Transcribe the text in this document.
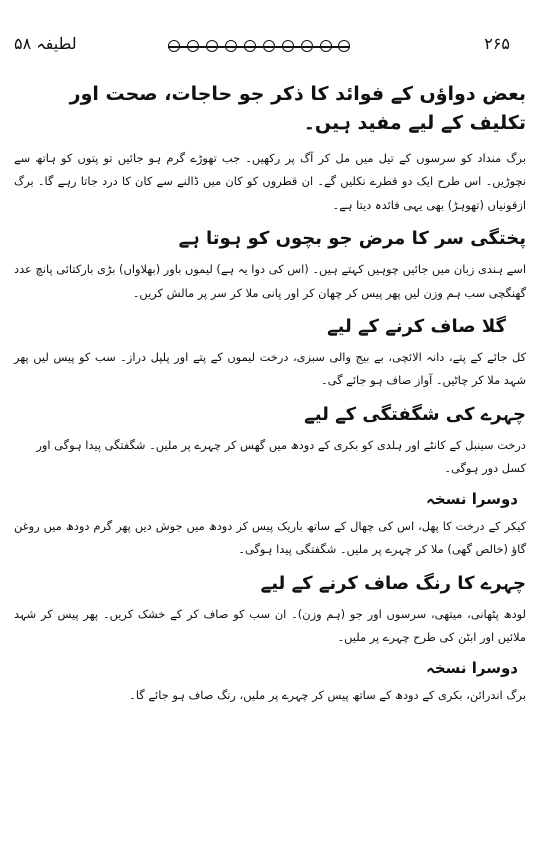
لطیفہ ۵۸	۲۶۵
بعض دواؤں کے فوائد کا ذکر جو حاجات، صحت اور تکلیف کے لیے مفید ہیں۔
برگ منداد کو سرسوں کے تیل میں مل کر آگ پر رکھیں۔ جب تھوڑے گرم ہو جائیں تو پتوں کو ہاتھ سے نچوڑیں۔ اس طرح ایک دو قطرے نکلیں گے۔ ان قطروں کو کان میں ڈالنے سے کان کا درد جاتا رہے گا۔ برگ ازقونیاں (تھوہڑ) بھی یہی فائدہ دیتا ہے۔
پختگی سر کا مرض جو بچوں کو ہوتا ہے
اسے ہندی زبان میں جائیں چوہیں کہتے ہیں۔ (اس کی دوا یہ ہے) لیموں باور (بھلاواں) بڑی بارکتائی پانچ عدد گھنگچی سب ہم وزن لیں پھر پیس کر چھان کر اور پانی ملا کر سر پر مالش کریں۔
گلا صاف کرنے کے لیے
کل جائے کے پتے، دانہ الائچی، بے بیج والی سبزی، درخت لیموں کے پتے اور پلپل دراز۔ سب کو پیس لیں پھر شہد ملا کر چاٹیں۔ آواز صاف ہو جائے گی۔
چہرے کی شگفتگی کے لیے
درخت سینبل کے کانٹے اور ہلدی کو بکری کے دودھ میں گھس کر چہرے پر ملیں۔ شگفتگی پیدا ہوگی اور کسل دور ہوگی۔
دوسرا نسخہ
کیکر کے درخت کا پھل، اس کی چھال کے ساتھ باریک پیس کر دودھ میں جوش دیں پھر گرم دودھ میں روغن گاؤ (خالص گھی) ملا کر چہرے پر ملیں۔ شگفتگی پیدا ہوگی۔
چہرے کا رنگ صاف کرنے کے لیے
لودھ پٹھانی، میتھی، سرسوں اور جو (ہم وزن)۔ ان سب کو صاف کر کے خشک کریں۔ پھر پیس کر شہد ملائیں اور ابٹن کی طرح چہرے پر ملیں۔
دوسرا نسخہ
برگ اندرائن، بکری کے دودھ کے ساتھ پیس کر چہرے پر ملیں، رنگ صاف ہو جائے گا۔
